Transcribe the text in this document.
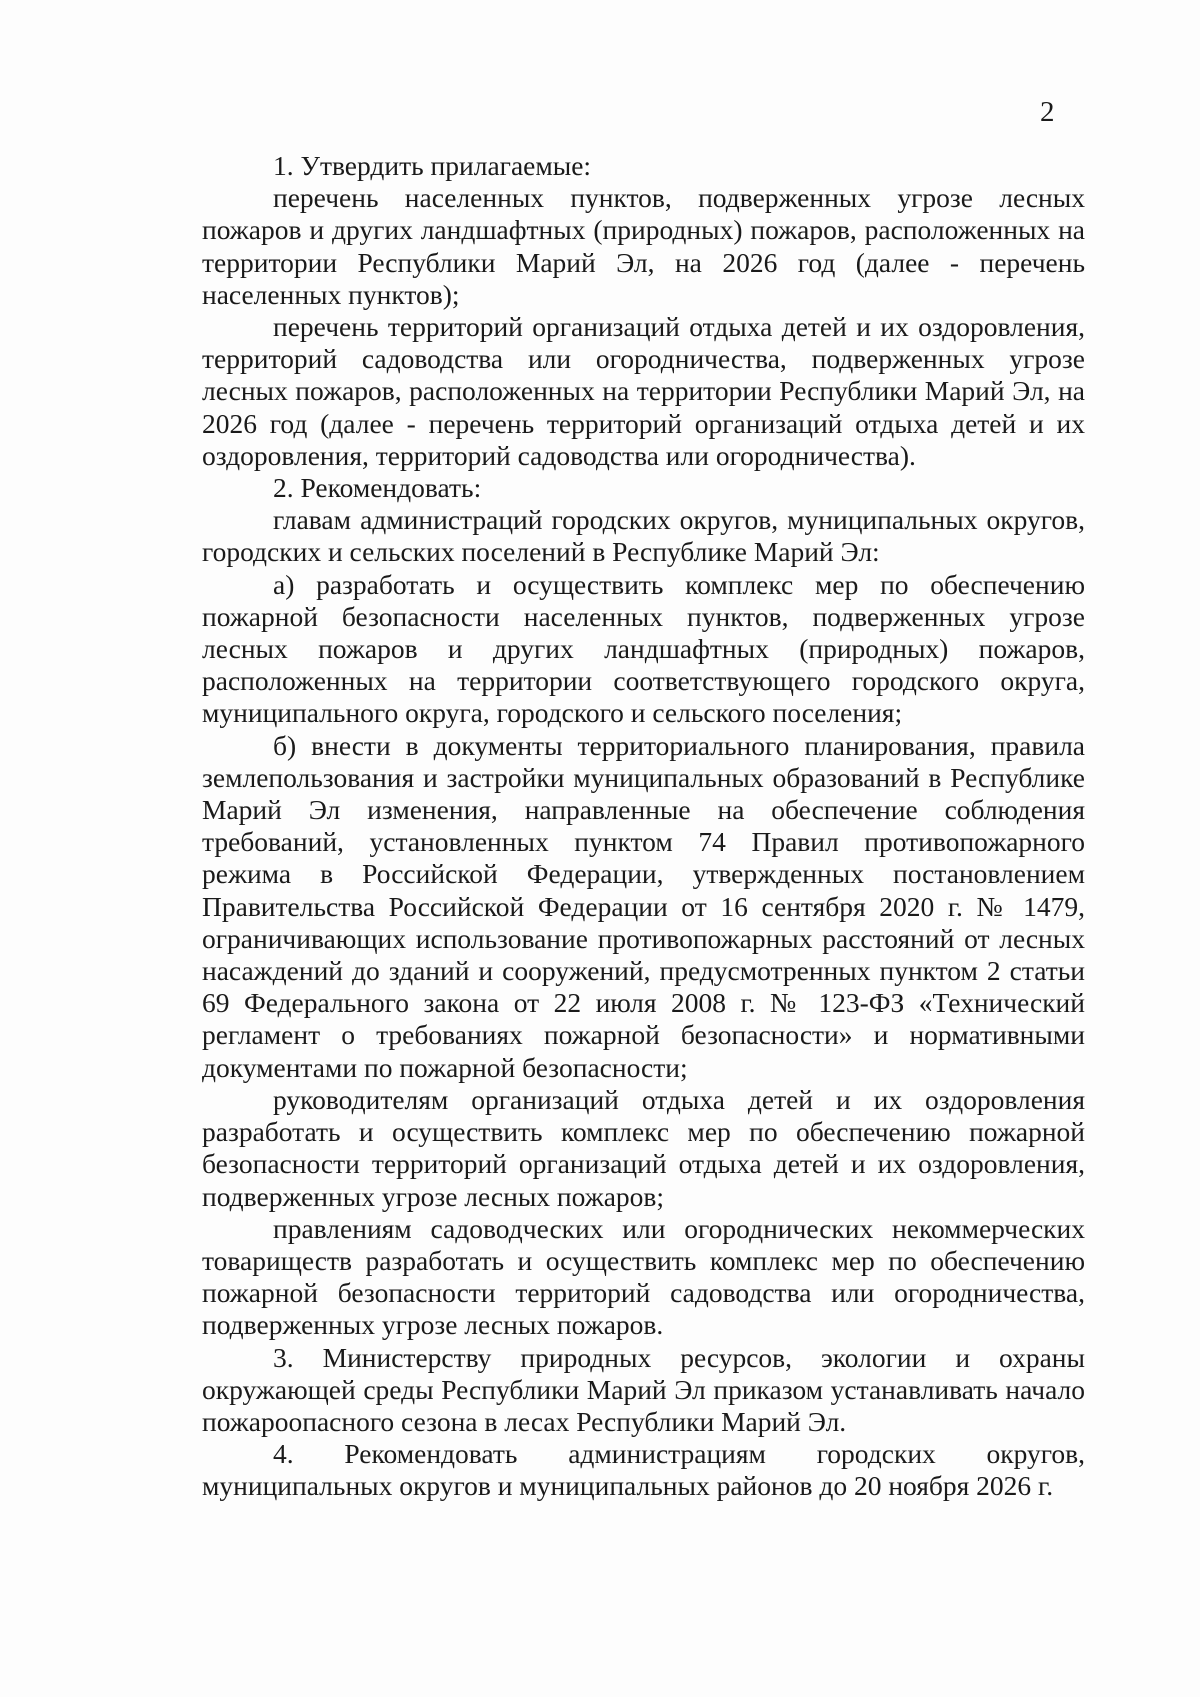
2

1. Утвердить прилагаемые:

перечень населенных пунктов, подверженных угрозе лесных пожаров и других ландшафтных (природных) пожаров, расположенных на территории Республики Марий Эл, на 2026 год (далее - перечень населенных пунктов);

перечень территорий организаций отдыха детей и их оздоровления, территорий садоводства или огородничества, подверженных угрозе лесных пожаров, расположенных на территории Республики Марий Эл, на 2026 год (далее - перечень территорий организаций отдыха детей и их оздоровления, территорий садоводства или огородничества).

2. Рекомендовать:

главам администраций городских округов, муниципальных округов, городских и сельских поселений в Республике Марий Эл:

а) разработать и осуществить комплекс мер по обеспечению пожарной безопасности населенных пунктов, подверженных угрозе лесных пожаров и других ландшафтных (природных) пожаров, расположенных на территории соответствующего городского округа, муниципального округа, городского и сельского поселения;

б) внести в документы территориального планирования, правила землепользования и застройки муниципальных образований в Республике Марий Эл изменения, направленные на обеспечение соблюдения требований, установленных пунктом 74 Правил противопожарного режима в Российской Федерации, утвержденных постановлением Правительства Российской Федерации от 16 сентября 2020 г. № 1479, ограничивающих использование противопожарных расстояний от лесных насаждений до зданий и сооружений, предусмотренных пунктом 2 статьи 69 Федерального закона от 22 июля 2008 г. № 123-ФЗ «Технический регламент о требованиях пожарной безопасности» и нормативными документами по пожарной безопасности;

руководителям организаций отдыха детей и их оздоровления разработать и осуществить комплекс мер по обеспечению пожарной безопасности территорий организаций отдыха детей и их оздоровления, подверженных угрозе лесных пожаров;

правлениям садоводческих или огороднических некоммерческих товариществ разработать и осуществить комплекс мер по обеспечению пожарной безопасности территорий садоводства или огородничества, подверженных угрозе лесных пожаров.

3. Министерству природных ресурсов, экологии и охраны окружающей среды Республики Марий Эл приказом устанавливать начало пожароопасного сезона в лесах Республики Марий Эл.

4. Рекомендовать администрациям городских округов, муниципальных округов и муниципальных районов до 20 ноября 2026 г.
